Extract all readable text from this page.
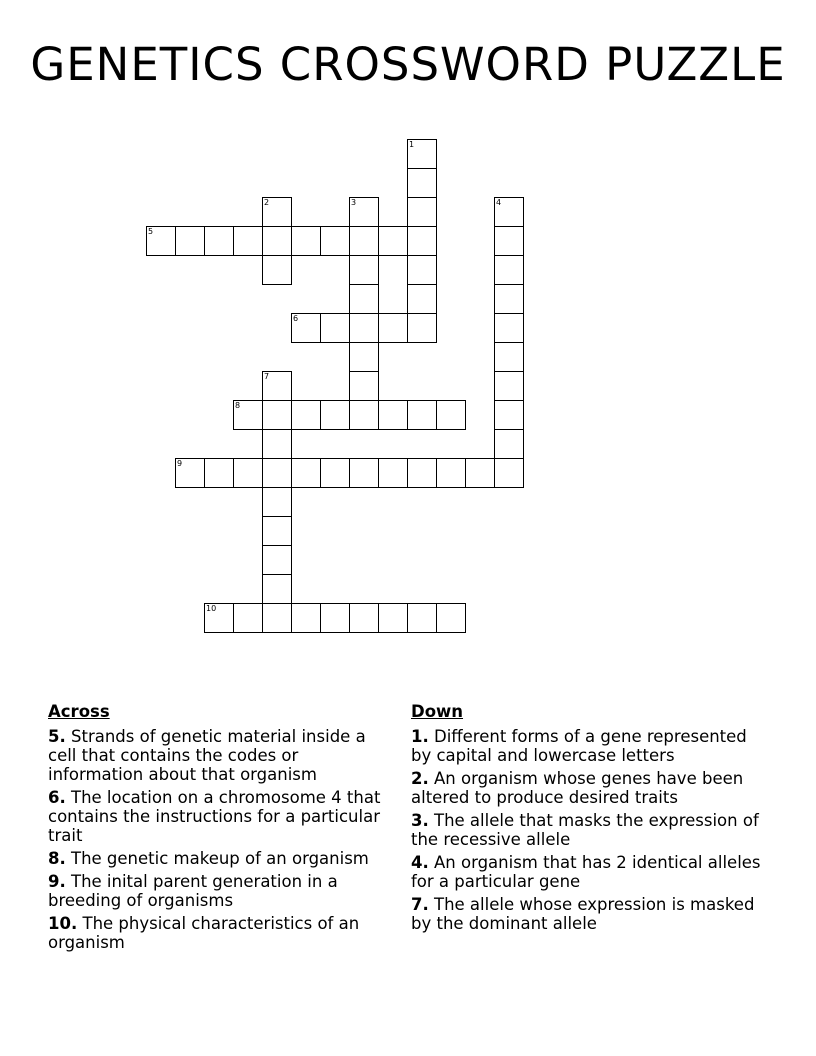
GENETICS CROSSWORD PUZZLE
1
2	3	4
5
6
7
8
9
10
Across
5. Strands of genetic material inside a cell that contains the codes or information about that organism
6. The location on a chromosome 4 that contains the instructions for a particular trait
8. The genetic makeup of an organism
9. The inital parent generation in a breeding of organisms
10. The physical characteristics of an organism
Down
1. Different forms of a gene represented by capital and lowercase letters
2. An organism whose genes have been altered to produce desired traits
3. The allele that masks the expression of the recessive allele
4. An organism that has 2 identical alleles for a particular gene
7. The allele whose expression is masked by the dominant allele
